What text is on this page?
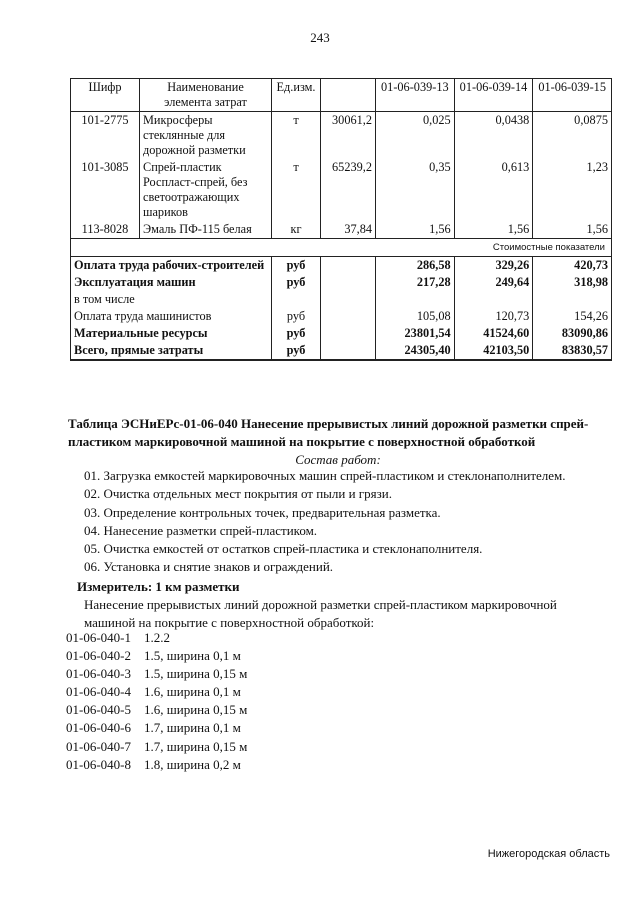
243
Шифр	Наименование элемента затрат	Ед.изм.		01-06-039-13	01-06-039-14	01-06-039-15
101-2775	Микросферы стеклянные для дорожной разметки	т	30061,2	0,025	0,0438	0,0875
101-3085	Спрей-пластик Роспласт-спрей, без светоотражающих шариков	т	65239,2	0,35	0,613	1,23
113-8028	Эмаль ПФ-115 белая	кг	37,84	1,56	1,56	1,56
Стоимостные показатели						
Оплата труда рабочих-строителей		руб		286,58	329,26	420,73
Эксплуатация машин		руб		217,28	249,64	318,98
в том числе						
Оплата труда машинистов		руб		105,08	120,73	154,26
Материальные ресурсы		руб		23801,54	41524,60	83090,86
Всего, прямые затраты		руб		24305,40	42103,50	83830,57
Таблица ЭСНиЕРс-01-06-040 Нанесение прерывистых линий дорожной разметки спрей-пластиком маркировочной машиной на покрытие с поверхностной обработкой
Состав работ:
01. Загрузка емкостей маркировочных машин спрей-пластиком и стеклонаполнителем.
02. Очистка отдельных мест покрытия от пыли и грязи.
03. Определение контрольных точек, предварительная разметка.
04. Нанесение разметки спрей-пластиком.
05. Очистка емкостей от остатков спрей-пластика и стеклонаполнителя.
06. Установка и снятие знаков и ограждений.
Измеритель: 1 км разметки
Нанесение прерывистых линий дорожной разметки спрей-пластиком маркировочной машиной на покрытие с поверхностной обработкой:
01-06-040-1 1.2.2
01-06-040-2 1.5, ширина 0,1 м
01-06-040-3 1.5, ширина 0,15 м
01-06-040-4 1.6, ширина 0,1 м
01-06-040-5 1.6, ширина 0,15 м
01-06-040-6 1.7, ширина 0,1 м
01-06-040-7 1.7, ширина 0,15 м
01-06-040-8 1.8, ширина 0,2 м
Нижегородская область
